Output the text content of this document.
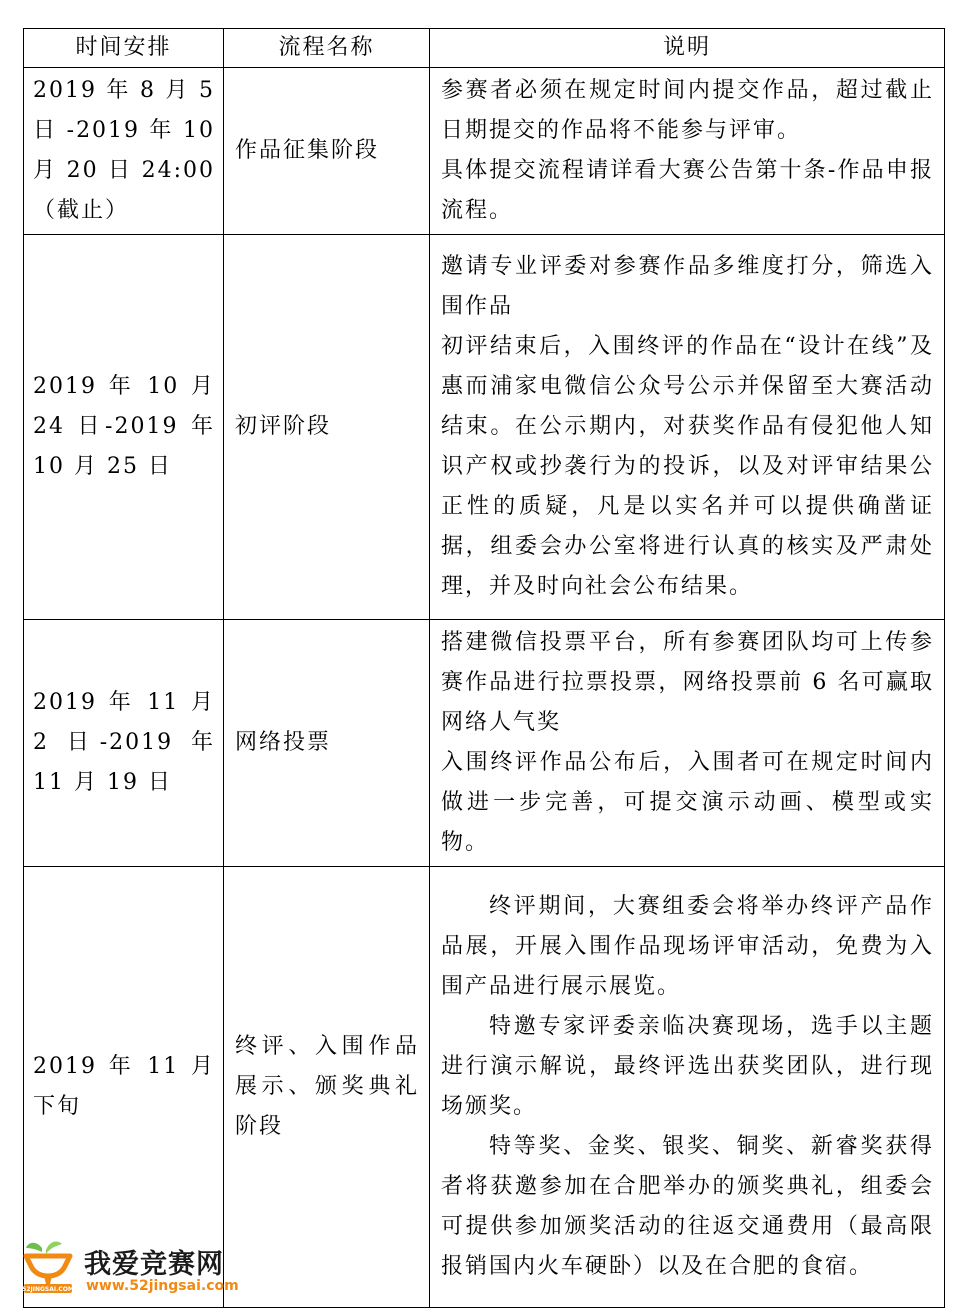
时间安排	流程名称	说明
2019 年 8 月 5 日 -2019 年 10 月 20 日 24:00（截止）	作品征集阶段	参赛者必须在规定时间内提交作品，超过截止日期提交的作品将不能参与评审。

具体提交流程请详看大赛公告第十条-作品申报流程。

2019 年 10 月 24 日-2019 年 10 月 25 日	初评阶段	邀请专业评委对参赛作品多维度打分，筛选入围作品

初评结束后，入围终评的作品在“设计在线”及惠而浦家电微信公众号公示并保留至大赛活动结束。在公示期内，对获奖作品有侵犯他人知识产权或抄袭行为的投诉，以及对评审结果公正性的质疑，凡是以实名并可以提供确凿证据，组委会办公室将进行认真的核实及严肃处理，并及时向社会公布结果。

2019 年 11 月 2 日-2019 年 11 月 19 日	网络投票	搭建微信投票平台，所有参赛团队均可上传参赛作品进行拉票投票，网络投票前 6 名可赢取网络人气奖

入围终评作品公布后，入围者可在规定时间内做进一步完善，可提交演示动画、模型或实物。

2019 年 11 月下旬	终评、入围作品展示、颁奖典礼阶段	终评期间，大赛组委会将举办终评产品作品展，开展入围作品现场评审活动，免费为入围产品进行展示展览。

特邀专家评委亲临决赛现场，选手以主题进行演示解说，最终评选出获奖团队，进行现场颁奖。

特等奖、金奖、银奖、铜奖、新睿奖获得者将获邀参加在合肥举办的颁奖典礼，组委会可提供参加颁奖活动的往返交通费用（最高限报销国内火车硬卧）以及在合肥的食宿。

52JINGSAI.COM
我爱竞赛网
www.52jingsai.com
